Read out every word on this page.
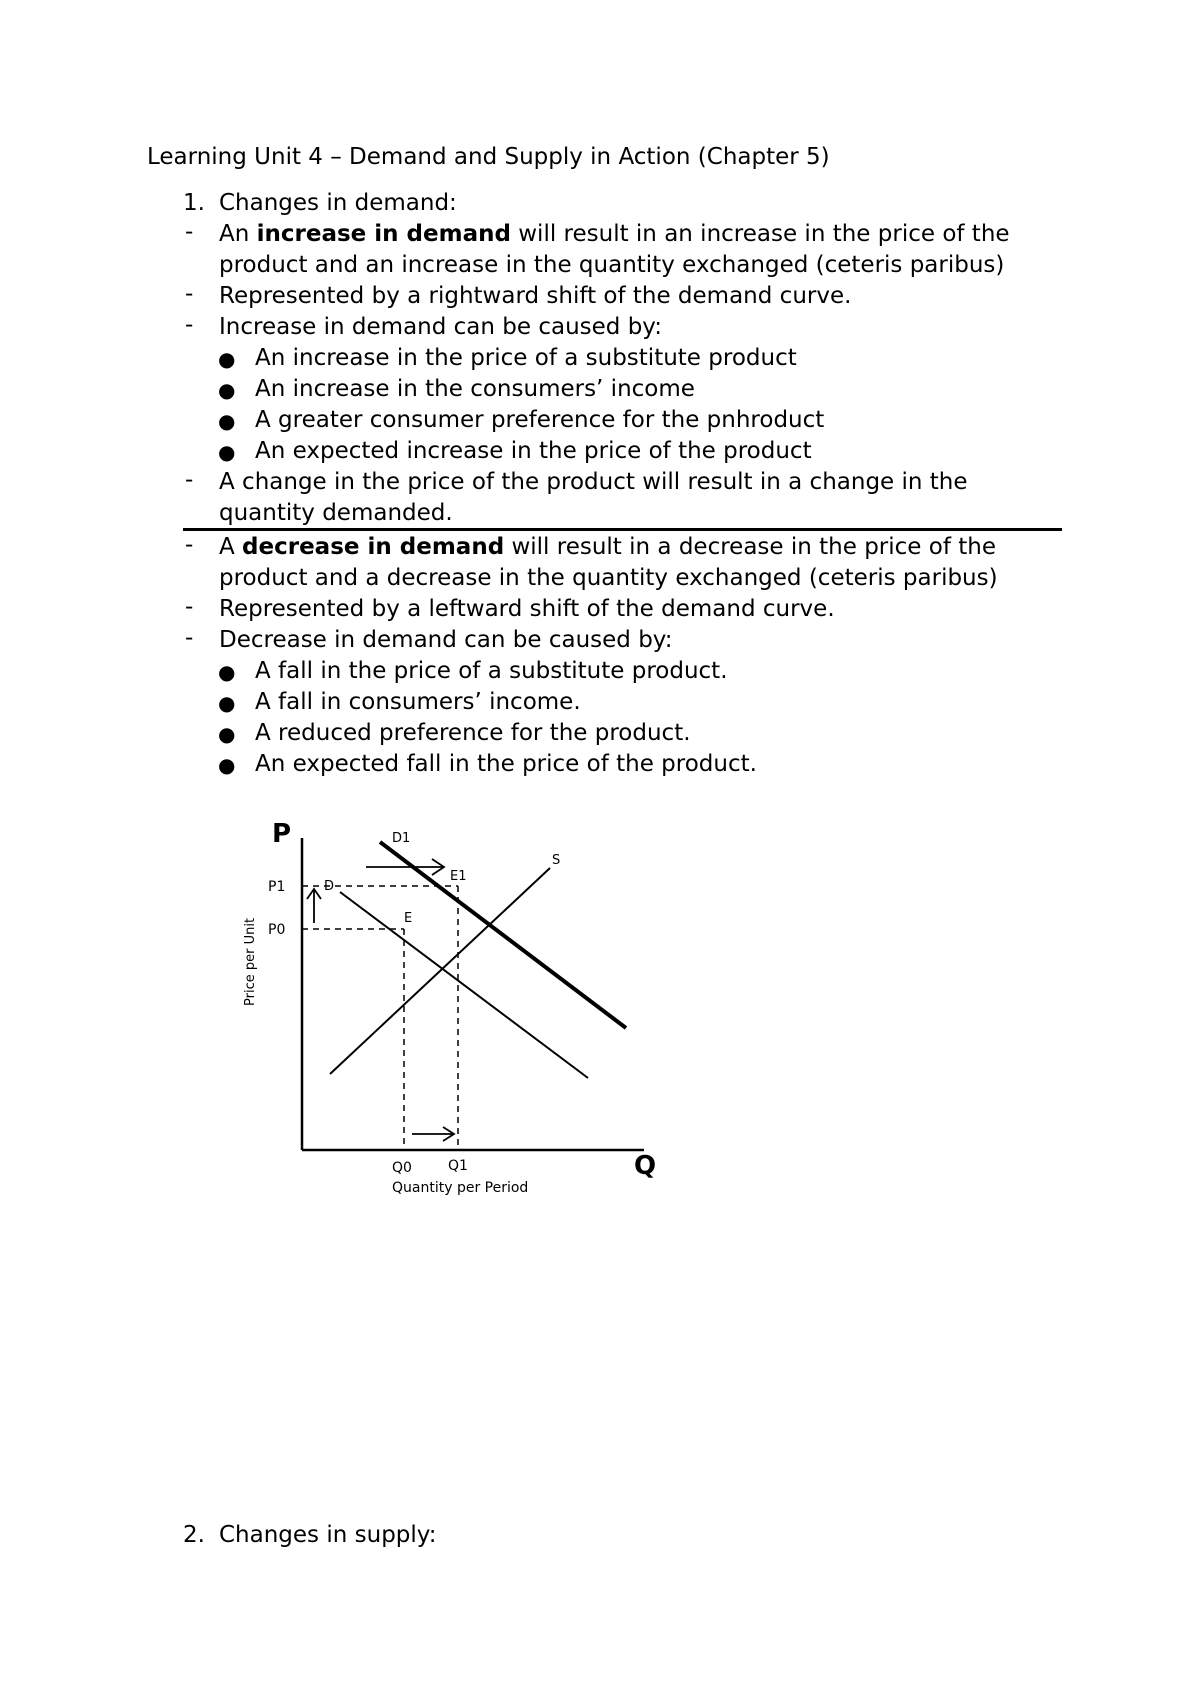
Learning Unit 4 – Demand and Supply in Action (Chapter 5)
1. Changes in demand:
- An increase in demand will result in an increase in the price of the
product and an increase in the quantity exchanged (ceteris paribus)
- Represented by a rightward shift of the demand curve.
- Increase in demand can be caused by:
● An increase in the price of a substitute product
● An increase in the consumers’ income
● A greater consumer preference for the pnhroduct
● An expected increase in the price of the product
- A change in the price of the product will result in a change in the
quantity demanded.
- A decrease in demand will result in a decrease in the price of the
product and a decrease in the quantity exchanged (ceteris paribus)
- Represented by a leftward shift of the demand curve.
- Decrease in demand can be caused by:
● A fall in the price of a substitute product.
● A fall in consumers’ income.
● A reduced preference for the product.
● An expected fall in the price of the product.
P
Q
Price per Unit
Quantity per Period
S
D
D1
E
E1
P1
P0
Q0	Q1
2. Changes in supply:
